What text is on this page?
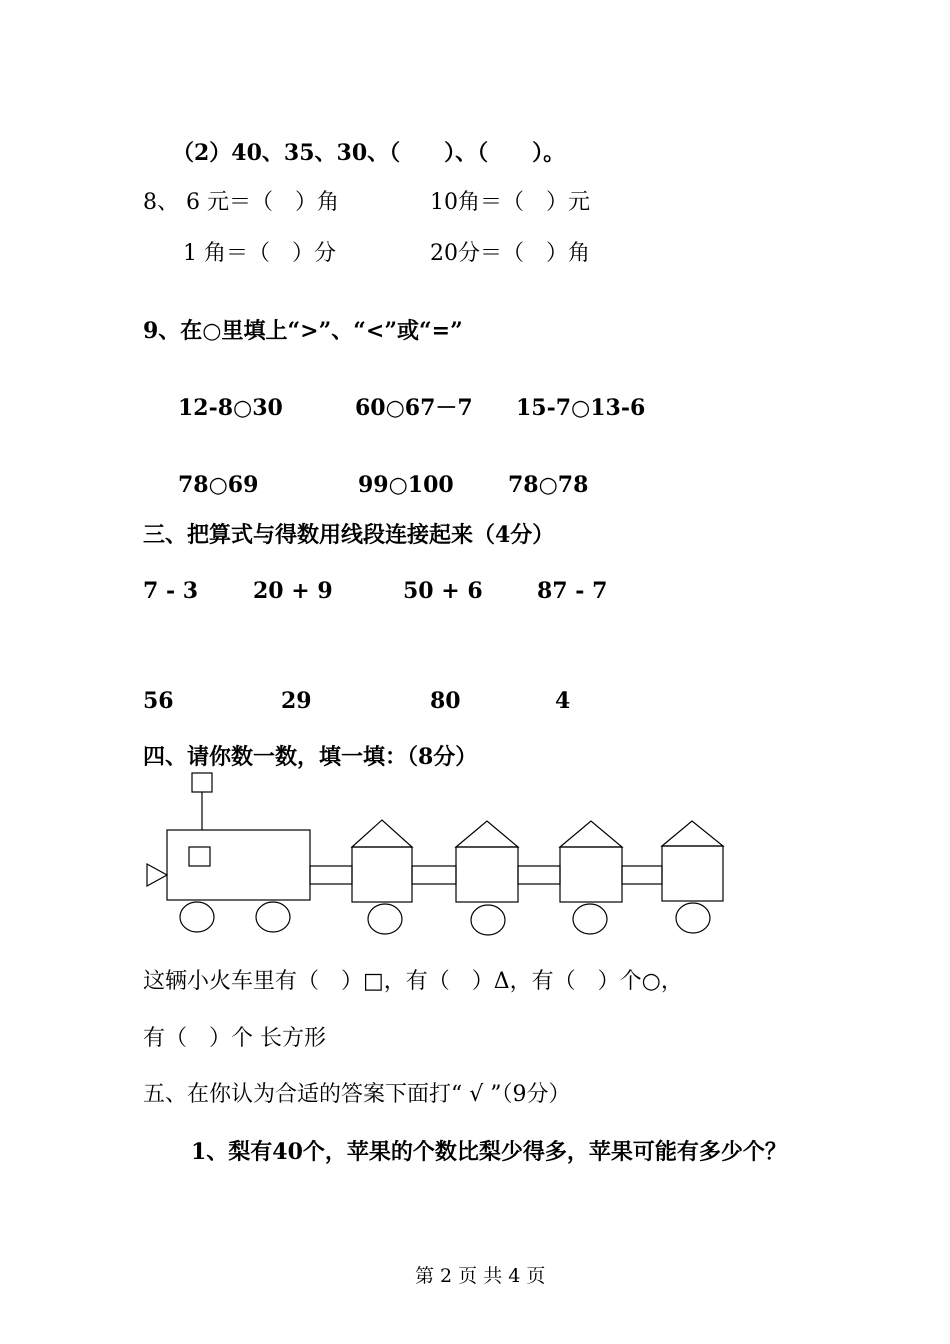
（2）40、35、30、（　　）、（　　）。
8、 6 元＝（　）角	10角＝（　）元
1 角＝（　）分	20分＝（　）角
9、在○里填上“>”、“<”或“=”
12-8○30	60○67－7 15-7○13-6
78○69	99○100 78○78
三、把算式与得数用线段连接起来（4分）
7 - 3 20 + 9	50 + 6 87 - 7
56	29	80	4
四、请你数一数，填一填：（8分）
这辆小火车里有（　）□，有（　）Δ，有（　）个○，
有（　）个 长方形
五、在你认为合适的答案下面打“ √ ”（9分）
1、梨有40个，苹果的个数比梨少得多，苹果可能有多少个？
第 2 页 共 4 页
